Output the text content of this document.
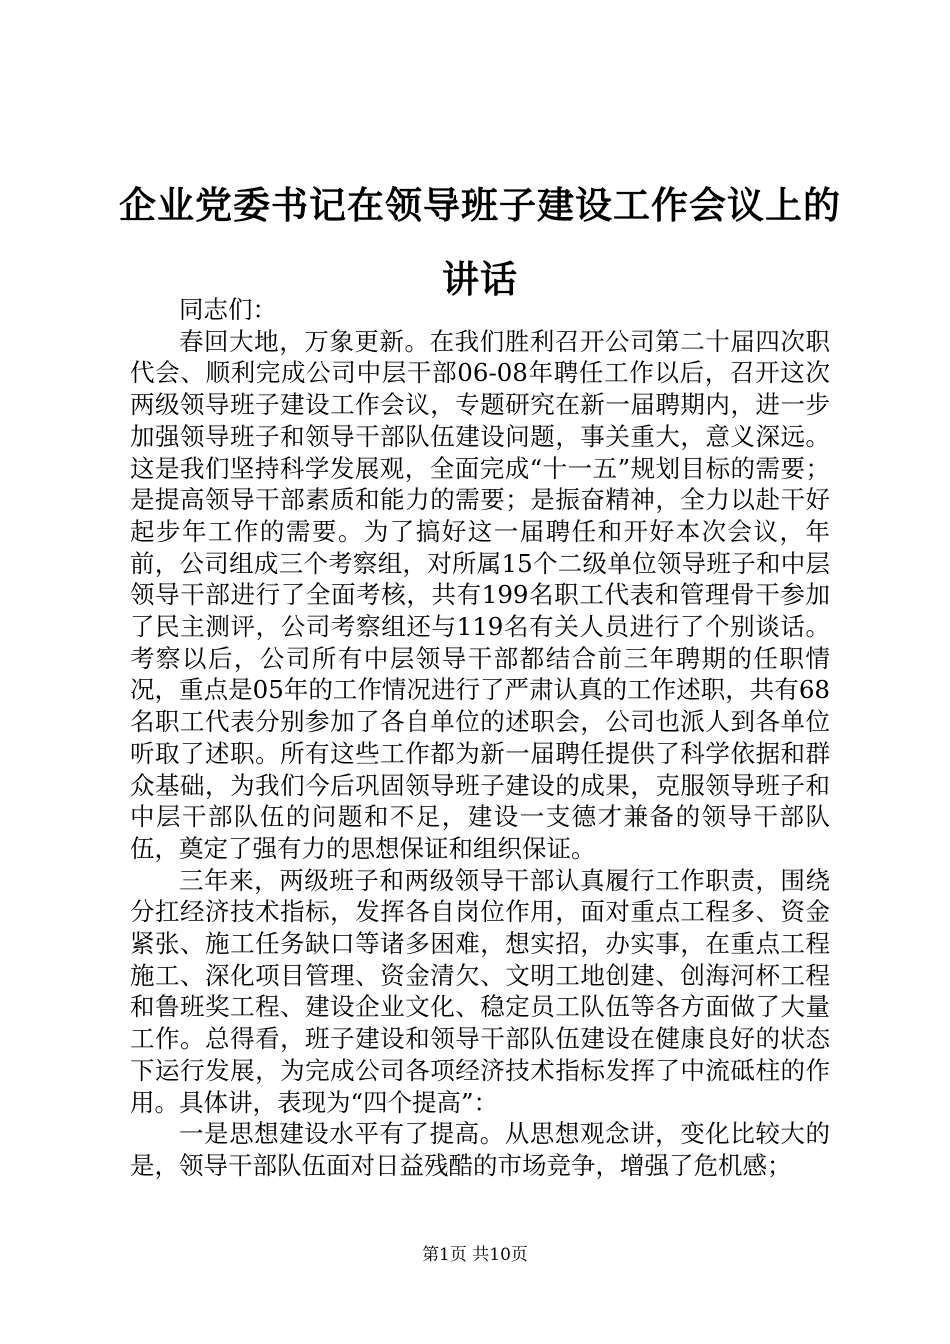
企业党委书记在领导班子建设工作会议上的讲话

同志们：

春回大地，万象更新。在我们胜利召开公司第二十届四次职代会、顺利完成公司中层干部06-08年聘任工作以后，召开这次两级领导班子建设工作会议，专题研究在新一届聘期内，进一步加强领导班子和领导干部队伍建设问题，事关重大，意义深远。这是我们坚持科学发展观，全面完成“十一五”规划目标的需要；是提高领导干部素质和能力的需要；是振奋精神，全力以赴干好起步年工作的需要。为了搞好这一届聘任和开好本次会议，年前，公司组成三个考察组，对所属15个二级单位领导班子和中层领导干部进行了全面考核，共有199名职工代表和管理骨干参加了民主测评，公司考察组还与119名有关人员进行了个别谈话。考察以后，公司所有中层领导干部都结合前三年聘期的任职情况，重点是05年的工作情况进行了严肃认真的工作述职，共有68名职工代表分别参加了各自单位的述职会，公司也派人到各单位听取了述职。所有这些工作都为新一届聘任提供了科学依据和群众基础，为我们今后巩固领导班子建设的成果，克服领导班子和中层干部队伍的问题和不足，建设一支德才兼备的领导干部队伍，奠定了强有力的思想保证和组织保证。

三年来，两级班子和两级领导干部认真履行工作职责，围绕分扛经济技术指标，发挥各自岗位作用，面对重点工程多、资金紧张、施工任务缺口等诸多困难，想实招，办实事，在重点工程施工、深化项目管理、资金清欠、文明工地创建、创海河杯工程和鲁班奖工程、建设企业文化、稳定员工队伍等各方面做了大量工作。总得看，班子建设和领导干部队伍建设在健康良好的状态下运行发展，为完成公司各项经济技术指标发挥了中流砥柱的作用。具体讲，表现为“四个提高”：

一是思想建设水平有了提高。从思想观念讲，变化比较大的是，领导干部队伍面对日益残酷的市场竞争，增强了危机感；

第1页 共10页
